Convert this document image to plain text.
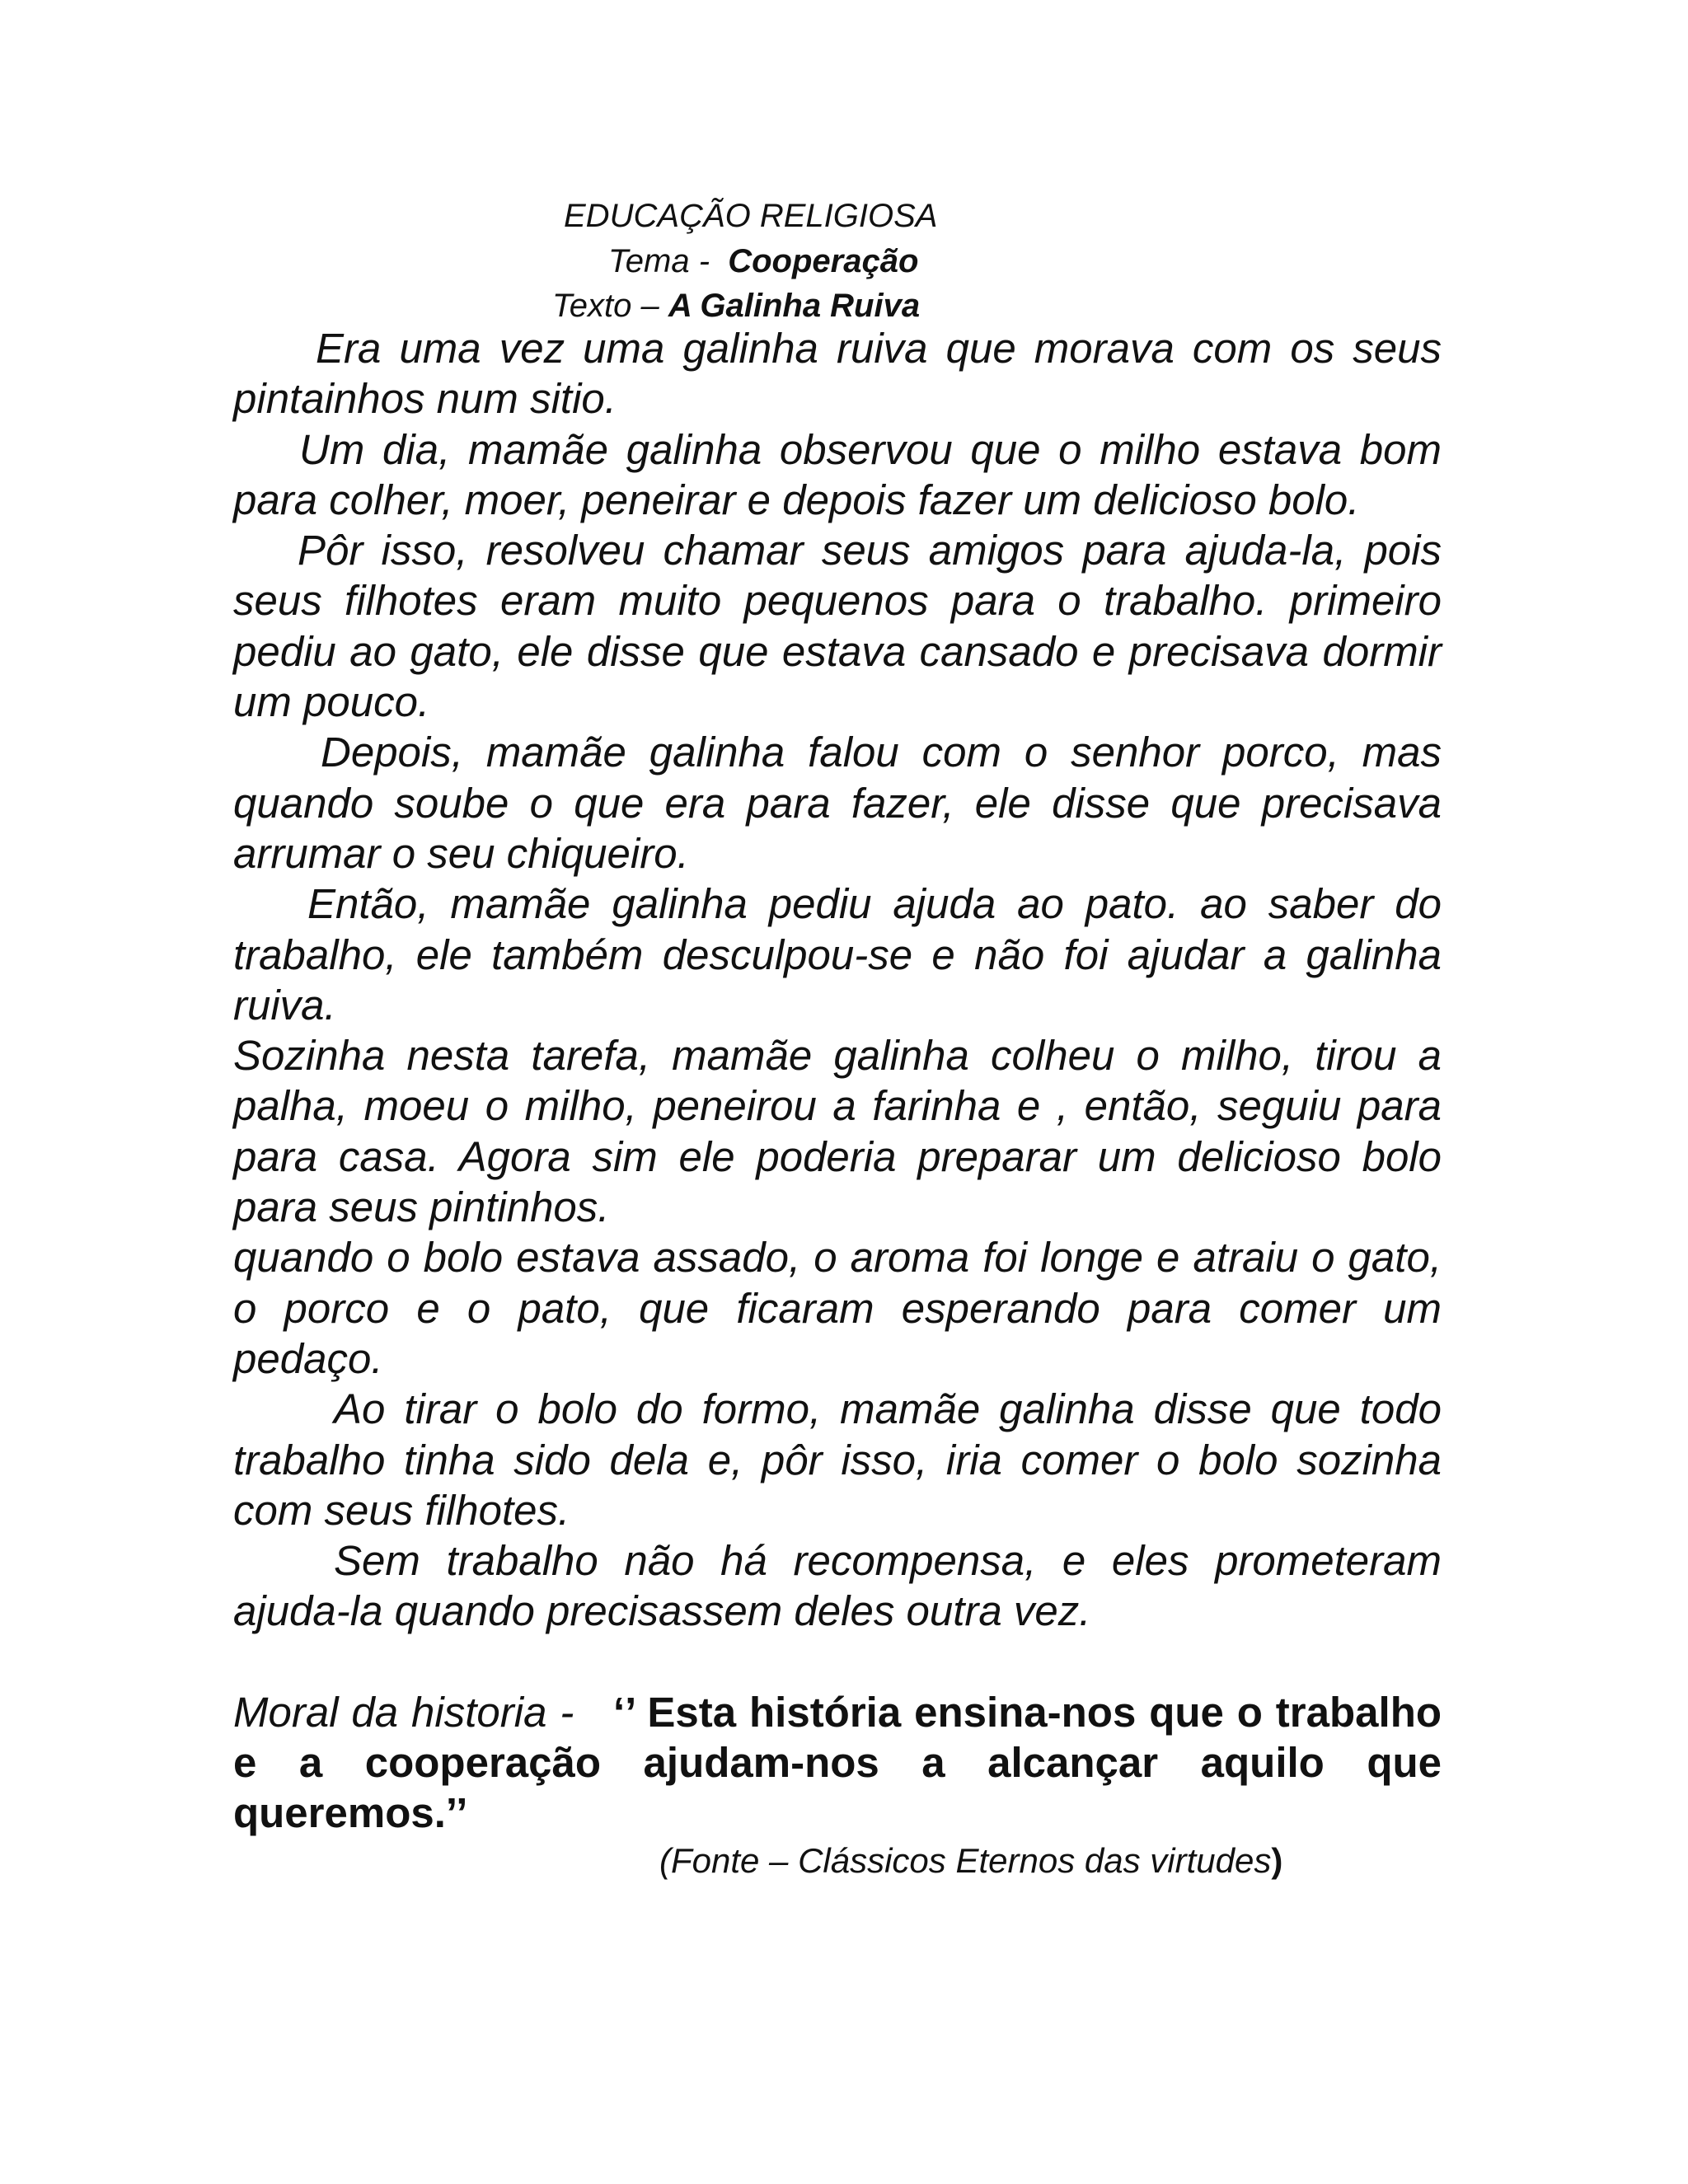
EDUCAÇÃO RELIGIOSA
Tema -  Cooperação
Texto – A Galinha Ruiva

Era uma vez uma galinha ruiva que morava com os seus pintainhos num sitio.

Um dia, mamãe galinha observou que o milho estava bom para colher, moer, peneirar e depois fazer um delicioso bolo.

Pôr isso, resolveu chamar seus amigos para ajuda-la, pois seus filhotes eram muito pequenos para o trabalho. primeiro pediu ao gato, ele disse que estava cansado e precisava dormir um pouco.

Depois, mamãe galinha falou com o senhor porco, mas quando soube o que era para fazer, ele disse que precisava arrumar o seu chiqueiro.

Então, mamãe galinha pediu ajuda ao pato. ao saber do trabalho, ele também desculpou-se e não foi ajudar a galinha ruiva.

Sozinha nesta tarefa, mamãe galinha colheu o milho, tirou a palha, moeu o milho, peneirou a farinha e , então, seguiu para para casa. Agora sim ele poderia preparar um delicioso bolo para seus pintinhos.

quando o bolo estava assado, o aroma foi longe e atraiu o gato, o porco e o pato, que ficaram esperando para comer um pedaço.

Ao tirar o bolo do formo, mamãe galinha disse que todo trabalho tinha sido dela e, pôr isso, iria comer o bolo sozinha com seus filhotes.

Sem trabalho não há recompensa, e eles prometeram ajuda-la quando precisassem deles outra vez.

Moral da historia -   ‘’ Esta história ensina-nos que o trabalho e a cooperação ajudam-nos a alcançar aquilo que queremos.’’

(Fonte – Clássicos Eternos das virtudes)
